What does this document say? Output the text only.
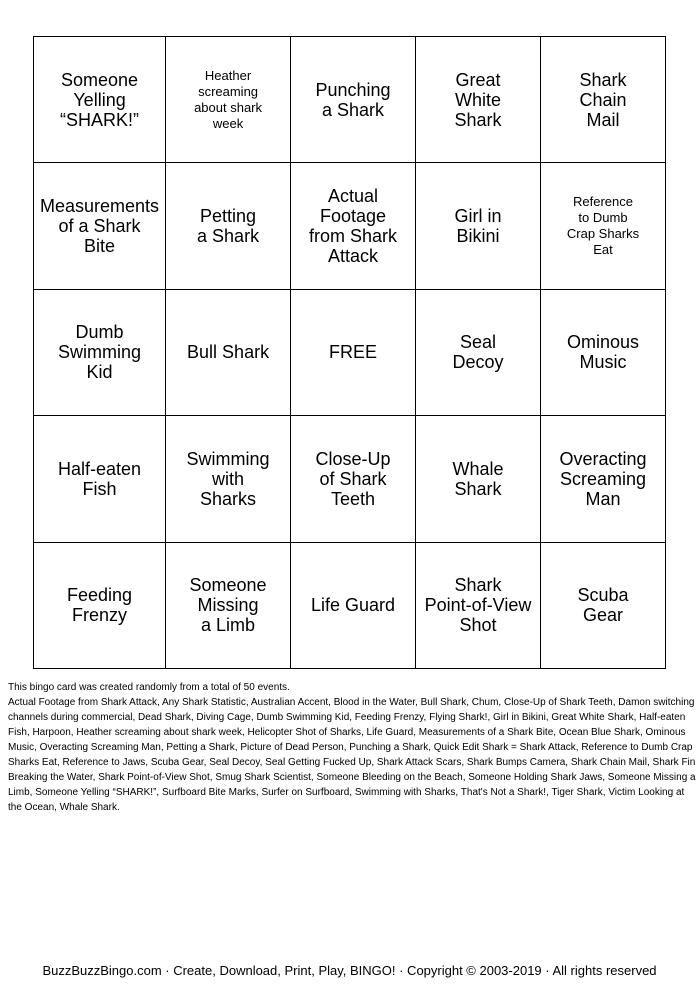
Someone
Yelling
“SHARK!”
Heather
screaming
about shark
week
Punching
a Shark
Great
White
Shark
Shark
Chain
Mail
Measurements
of a Shark
Bite
Petting
a Shark
Actual
Footage
from Shark
Attack
Girl in
Bikini
Reference
to Dumb
Crap Sharks
Eat
Dumb
Swimming
Kid
Bull Shark	FREE	Seal
Decoy
Ominous
Music
Half-eaten
Fish
Swimming
with
Sharks
Close-Up
of Shark
Teeth
Whale
Shark
Overacting
Screaming
Man
Feeding
Frenzy
Someone
Missing
a Limb
Life Guard
Shark
Point-of-View
Shot
Scuba
Gear
This bingo card was created randomly from a total of 50 events.
Actual Footage from Shark Attack, Any Shark Statistic, Australian Accent, Blood in the Water, Bull Shark, Chum, Close-Up of Shark Teeth, Damon switching channels during commercial, Dead Shark, Diving Cage, Dumb Swimming Kid, Feeding Frenzy, Flying Shark!, Girl in Bikini, Great White Shark, Half-eaten Fish, Harpoon, Heather screaming about shark week, Helicopter Shot of Sharks, Life Guard, Measurements of a Shark Bite, Ocean Blue Shark, Ominous Music, Overacting Screaming Man, Petting a Shark, Picture of Dead Person, Punching a Shark, Quick Edit Shark = Shark Attack, Reference to Dumb Crap Sharks Eat, Reference to Jaws, Scuba Gear, Seal Decoy, Seal Getting Fucked Up, Shark Attack Scars, Shark Bumps Camera, Shark Chain Mail, Shark Fin Breaking the Water, Shark Point-of-View Shot, Smug Shark Scientist, Someone Bleeding on the Beach, Someone Holding Shark Jaws, Someone Missing a Limb, Someone Yelling “SHARK!”, Surfboard Bite Marks, Surfer on Surfboard, Swimming with Sharks, That's Not a Shark!, Tiger Shark, Victim Looking at the Ocean, Whale Shark.
BuzzBuzzBingo.com · Create, Download, Print, Play, BINGO! · Copyright © 2003-2019 · All rights reserved
